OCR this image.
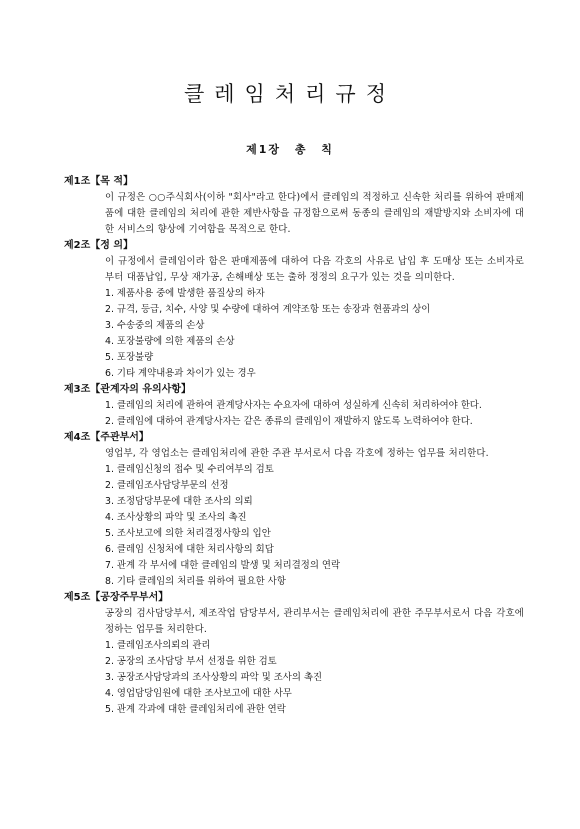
클레임처리규정
제1장 총 칙
제1조【목 적】
이 규정은 ○○주식회사(이하 "회사"라고 한다)에서 클레임의 적정하고 신속한 처리를 위하여 판매제품에 대한 클레임의 처리에 관한 제반사항을 규정함으로써 동종의 클레임의 재발방지와 소비자에 대한 서비스의 향상에 기여함을 목적으로 한다.
제2조【정 의】
이 규정에서 클레임이라 함은 판매제품에 대하여 다음 각호의 사유로 납입 후 도매상 또는 소비자로부터 대품납입, 무상 재가공, 손해배상 또는 출하 정정의 요구가 있는 것을 의미한다.
1. 제품사용 중에 발생한 품질상의 하자
2. 규격, 등급, 치수, 사양 및 수량에 대하여 계약조항 또는 송장과 현품과의 상이
3. 수송중의 제품의 손상
4. 포장불량에 의한 제품의 손상
5. 포장불량
6. 기타 계약내용과 차이가 있는 경우
제3조【관계자의 유의사항】
1. 클레임의 처리에 관하여 관계당사자는 수요자에 대하여 성실하게 신속히 처리하여야 한다.
2. 클레임에 대하여 관계당사자는 같은 종류의 클레임이 재발하지 않도록 노력하여야 한다.
제4조【주관부서】
영업부, 각 영업소는 클레임처리에 관한 주관 부서로서 다음 각호에 정하는 업무를 처리한다.
1. 클레임신청의 접수 및 수리여부의 검토
2. 클레임조사담당부문의 선정
3. 조정담당부문에 대한 조사의 의뢰
4. 조사상황의 파악 및 조사의 촉진
5. 조사보고에 의한 처리결정사항의 입안
6. 클레임 신청처에 대한 처리사항의 회답
7. 관계 각 부서에 대한 클레임의 발생 및 처리결정의 연락
8. 기타 클레임의 처리를 위하여 필요한 사항
제5조【공장주무부서】
공장의 검사담당부서, 제조작업 담당부서, 관리부서는 클레임처리에 관한 주무부서로서 다음 각호에 정하는 업무를 처리한다.
1. 클레임조사의뢰의 관리
2. 공장의 조사담당 부서 선정을 위한 검토
3. 공장조사담당과의 조사상황의 파악 및 조사의 촉진
4. 영업담당임원에 대한 조사보고에 대한 사무
5. 관계 각과에 대한 클레임처리에 관한 연락
